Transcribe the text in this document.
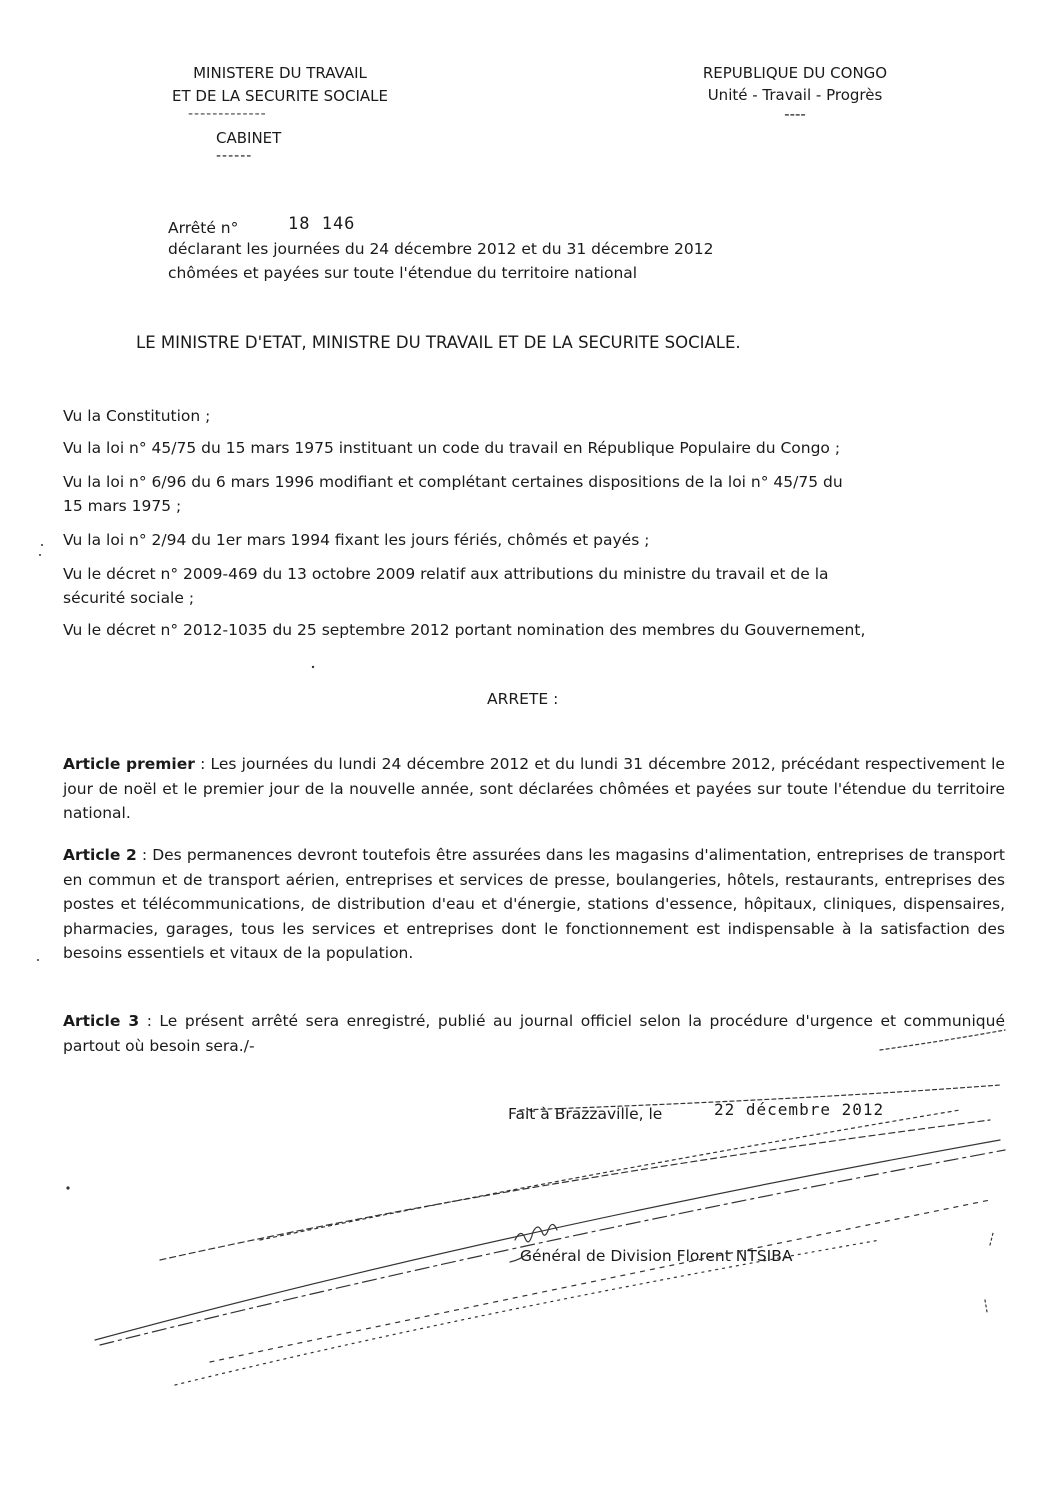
MINISTERE DU TRAVAIL
ET DE LA SECURITE SOCIALE
-------------
CABINET
------
REPUBLIQUE DU CONGO
Unité - Travail - Progrès
----
Arrêté n°	18 146
déclarant les journées du 24 décembre 2012 et du 31 décembre 2012
chômées et payées sur toute l'étendue du territoire national
LE MINISTRE D'ETAT, MINISTRE DU TRAVAIL ET DE LA SECURITE SOCIALE.
Vu la Constitution ;
Vu la loi n° 45/75 du 15 mars 1975 instituant un code du travail en République Populaire du Congo ;
Vu la loi n° 6/96 du 6 mars 1996 modifiant et complétant certaines dispositions de la loi n° 45/75 du
15 mars 1975 ;
Vu la loi n° 2/94 du 1er mars 1994 fixant les jours fériés, chômés et payés ;
Vu le décret n° 2009-469 du 13 octobre 2009 relatif aux attributions du ministre du travail et de la
sécurité sociale ;
Vu le décret n° 2012-1035 du 25 septembre 2012 portant nomination des membres du Gouvernement,
ARRETE :
Article premier : Les journées du lundi 24 décembre 2012 et du lundi 31 décembre 2012, précédant respectivement le jour de noël et le premier jour de la nouvelle année, sont déclarées chômées et payées sur toute l'étendue du territoire national.
Article 2 : Des permanences devront toutefois être assurées dans les magasins d'alimentation, entreprises de transport en commun et de transport aérien, entreprises et services de presse, boulangeries, hôtels, restaurants, entreprises des postes et télécommunications, de distribution d'eau et d'énergie, stations d'essence, hôpitaux, cliniques, dispensaires, pharmacies, garages, tous les services et entreprises dont le fonctionnement est indispensable à la satisfaction des besoins essentiels et vitaux de la population.
Article 3 : Le présent arrêté sera enregistré, publié au journal officiel selon la procédure d'urgence et communiqué partout où besoin sera./-
Fait à Brazzaville, le	22 décembre 2012
Général de Division Florent NTSIBA
